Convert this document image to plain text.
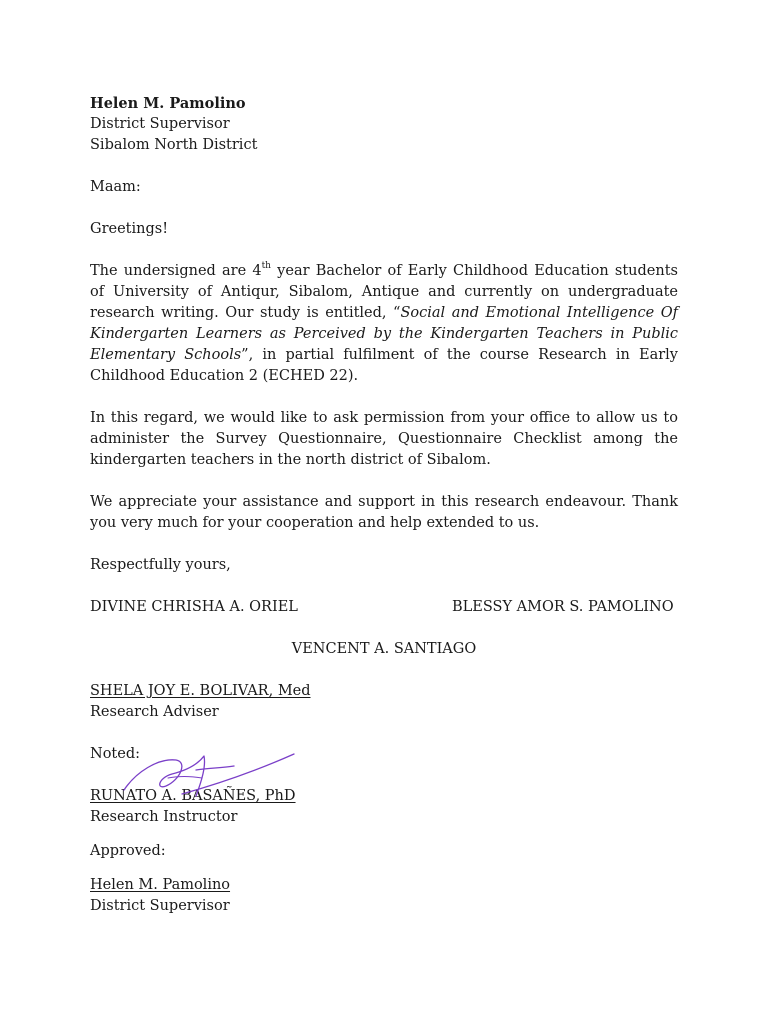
Helen M. Pamolino
District Supervisor
Sibalom North District
Maam:
Greetings!
The undersigned are 4th year Bachelor of Early Childhood Education students of University of Antiqur, Sibalom, Antique and currently on undergraduate research writing. Our study is entitled, “Social and Emotional Intelligence Of Kindergarten Learners as Perceived by the Kindergarten Teachers in Public Elementary Schools”, in partial fulfilment of the course Research in Early Childhood Education 2 (ECHED 22).
In this regard, we would like to ask permission from your office to allow us to administer the Survey Questionnaire, Questionnaire Checklist among the kindergarten teachers in the north district of Sibalom.
We appreciate your assistance and support in this research endeavour. Thank you very much for your cooperation and help extended to us.
Respectfully yours,
DIVINE CHRISHA A. ORIEL	BLESSY AMOR S. PAMOLINO
VENCENT A. SANTIAGO
SHELA JOY E. BOLIVAR, Med
Research Adviser
Noted:
RUNATO A. BASAÑES, PhD
Research Instructor
Approved:
Helen M. Pamolino
District Supervisor
